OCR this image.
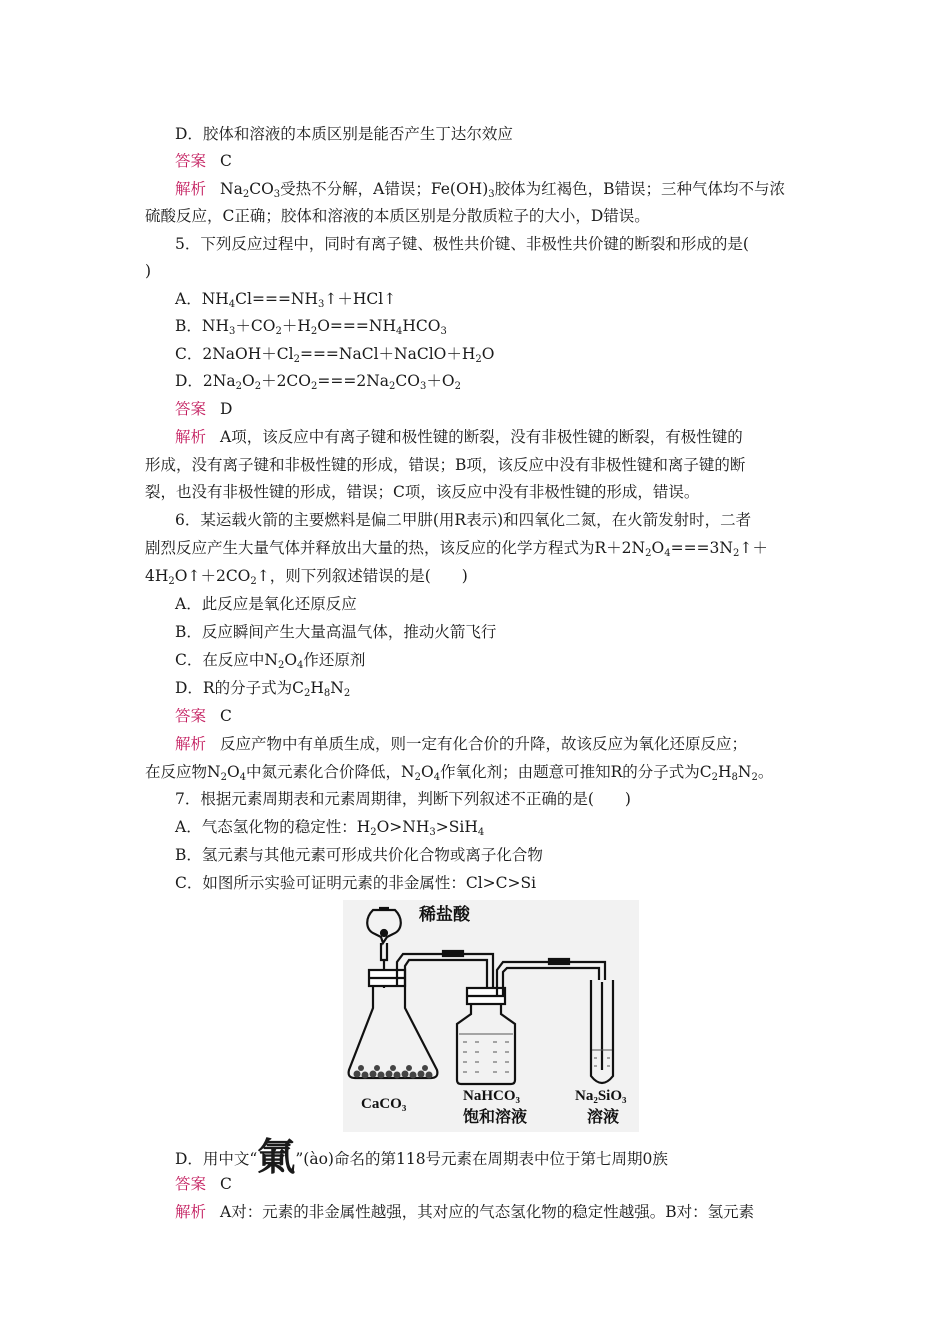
D．胶体和溶液的本质区别是能否产生丁达尔效应
答案 C
解析 $Na_2CO_3$受热不分解，A错误；$Fe(OH)_3$胶体为红褐色，B错误；三种气体均不与浓
硫酸反应，C正确；胶体和溶液的本质区别是分散质粒子的大小，D错误。
5．下列反应过程中，同时有离子键、极性共价键、非极性共价键的断裂和形成的是(
)
A．$NH_4Cl===NH_3↑+HCl↑$
B．$NH_3+CO_2+H_2O===NH_4HCO_3$
C．$2NaOH+Cl_2===NaCl+NaClO+H_2O$
D．$2Na_2O_2+2CO_2===2Na_2CO_3+O_2$
答案 D
解析 A项，该反应中有离子键和极性键的断裂，没有非极性键的断裂，有极性键的
形成，没有离子键和非极性键的形成，错误；B项，该反应中没有非极性键和离子键的断
裂，也没有非极性键的形成，错误；C项，该反应中没有非极性键的形成，错误。
6．某运载火箭的主要燃料是偏二甲肼(用R表示)和四氧化二氮，在火箭发射时，二者
剧烈反应产生大量气体并释放出大量的热，该反应的化学方程式为$R+2N_2O_4===3N_2↑+$
$4H_2O↑+2CO_2↑$，则下列叙述错误的是(　　)
A．此反应是氧化还原反应
B．反应瞬间产生大量高温气体，推动火箭飞行
C．在反应中$N_2O_4$作还原剂
D．R的分子式为$C_2H_8N_2$
答案 C
解析 反应产物中有单质生成，则一定有化合价的升降，故该反应为氧化还原反应；
在反应物$N_2O_4$中氮元素化合价降低，$N_2O_4$作氧化剂；由题意可推知R的分子式为$C_2H_8N_2$。
7．根据元素周期表和元素周期律，判断下列叙述不正确的是(　　)
A．气态氢化物的稳定性：$H_2O>NH_3>SiH_4$
B．氢元素与其他元素可形成共价化合物或离子化合物
C．如图所示实验可证明元素的非金属性：Cl>C>Si
稀盐酸
CaCO₃	NaHCO₃
饱和溶液
Na₂SiO₃
溶液
D．用中文“氭”(ào)命名的第118号元素在周期表中位于第七周期0族
答案 C
解析 A对：元素的非金属性越强，其对应的气态氢化物的稳定性越强。B对：氢元素
